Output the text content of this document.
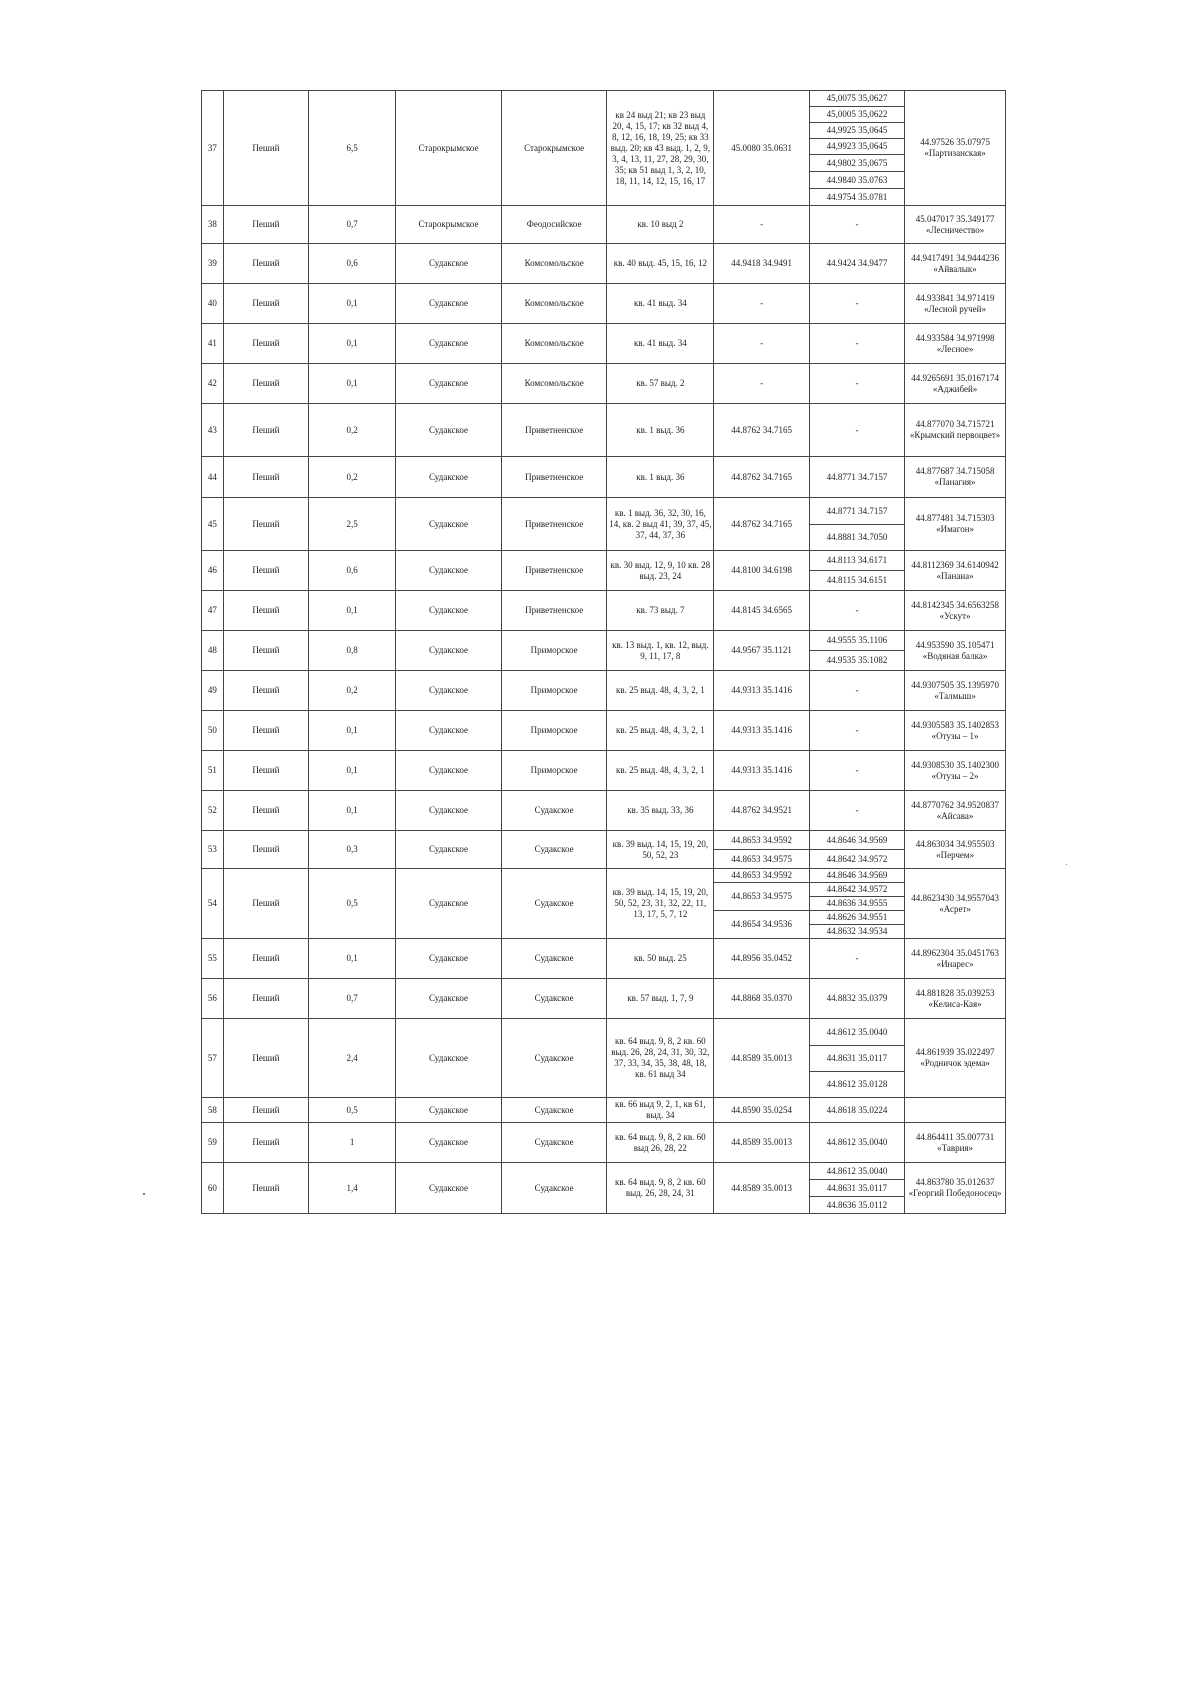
37	Пеший	6,5	Старокрымское	Старокрымское	кв 24 выд 21; кв 23 выд 20, 4, 15, 17; кв 32 выд 4, 8, 12, 16, 18, 19, 25; кв 33 выд. 20; кв 43 выд. 1, 2, 9, 3, 4, 13, 11, 27, 28, 29, 30, 35; кв 51 выд 1, 3, 2, 10, 18, 11, 14, 12, 15, 16, 17	45.0080 35.0631	45,0075 35,0627	44.97526 35.07975 «Партизанская»
							45,0005 35,0622	
							44,9925 35,0645	
							44,9923 35,0645	
							44,9802 35,0675	
							44.9840 35.0763	
							44.9754 35.0781	
38	Пеший	0,7	Старокрымское	Феодосийское	кв. 10 выд 2	-	-	45.047017 35.349177 «Лесничество»
39	Пеший	0,6	Судакское	Комсомольское	кв. 40 выд. 45, 15, 16, 12	44.9418 34.9491	44.9424 34.9477	44.9417491 34.9444236 «Айвалык»
40	Пеший	0,1	Судакское	Комсомольское	кв. 41 выд. 34	-	-	44.933841 34.971419 «Лесной ручей»
41	Пеший	0,1	Судакское	Комсомольское	кв. 41 выд. 34	-	-	44.933584 34.971998 «Лесное»
42	Пеший	0,1	Судакское	Комсомольское	кв. 57 выд. 2	-	-	44.9265691 35.0167174 «Аджибей»
43	Пеший	0,2	Судакское	Приветненское	кв. 1 выд. 36	44.8762 34.7165	-	44.877070 34.715721 «Крымский первоцвет»
44	Пеший	0,2	Судакское	Приветненское	кв. 1 выд. 36	44.8762 34.7165	44.8771 34.7157	44.877687 34.715058 «Панагия»
45	Пеший	2,5	Судакское	Приветненское	кв. 1 выд. 36, 32, 30, 16, 14, кв. 2 выд 41, 39, 37, 45, 37, 44, 37, 36	44.8762 34.7165	44.8771 34.7157	44.877481 34.715303 «Имагон»
							44.8881 34.7050	
46	Пеший	0,6	Судакское	Приветненское	кв. 30 выд. 12, 9, 10 кв. 28 выд. 23, 24	44.8100 34.6198	44.8113 34.6171	44.8112369 34.6140942 «Панаиа»
							44.8115 34.6151	
47	Пеший	0,1	Судакское	Приветненское	кв. 73 выд. 7	44.8145 34.6565	-	44.8142345 34.6563258 «Ускут»
48	Пеший	0,8	Судакское	Приморское	кв. 13 выд. 1, кв. 12, выд. 9, 11, 17, 8	44.9567 35.1121	44.9555 35.1106	44.953590 35.105471 «Водяная балка»
							44.9535 35.1082	
49	Пеший	0,2	Судакское	Приморское	кв. 25 выд. 48, 4, 3, 2, 1	44.9313 35.1416	-	44.9307505 35.1395970 «Талмыш»
50	Пеший	0,1	Судакское	Приморское	кв. 25 выд. 48, 4, 3, 2, 1	44.9313 35.1416	-	44.9305583 35.1402853 «Отузы – 1»
51	Пеший	0,1	Судакское	Приморское	кв. 25 выд. 48, 4, 3, 2, 1	44.9313 35.1416	-	44.9308530 35.1402300 «Отузы – 2»
52	Пеший	0,1	Судакское	Судакское	кв. 35 выд. 33, 36	44.8762 34.9521	-	44.8770762 34.9520837 «Айсава»
53	Пеший	0,3	Судакское	Судакское	кв. 39 выд. 14, 15, 19, 20, 50, 52, 23	44.8653 34.9592	44.8646 34.9569	44.863034 34.955503 «Перчем»
						44.8653 34.9575	44.8642 34.9572	
54	Пеший	0,5	Судакское	Судакское	кв. 39 выд. 14, 15, 19, 20, 50, 52, 23, 31, 32, 22, 11, 13, 17, 5, 7, 12	44.8653 34.9592	44.8646 34.9569	44.8623430 34.9557043 «Асрет»
						44.8653 34.9575	44.8642 34.9572	
							44.8636 34.9555	
						44.8654 34.9536	44.8626 34.9551	
							44.8632 34.9534	
55	Пеший	0,1	Судакское	Судакское	кв. 50 выд. 25	44.8956 35.0452	-	44.8962304 35.0451763 «Инарес»
56	Пеший	0,7	Судакское	Судакское	кв. 57 выд. 1, 7, 9	44.8868 35.0370	44.8832 35.0379	44.881828 35.039253 «Келиса-Кая»
57	Пеший	2,4	Судакское	Судакское	кв. 64 выд. 9, 8, 2 кв. 60 выд. 26, 28, 24, 31, 30, 32, 37, 33, 34, 35, 38, 48, 18, кв. 61 выд 34	44.8589 35.0013	44.8612 35.0040	44.861939 35.022497 «Родничок эдема»
							44.8631 35.0117	
							44.8612 35.0128	
58	Пеший	0,5	Судакское	Судакское	кв. 66 выд 9, 2, 1, кв 61, выд. 34	44.8590 35.0254	44.8618 35.0224	
59	Пеший	1	Судакское	Судакское	кв. 64 выд. 9, 8, 2 кв. 60 выд 26, 28, 22	44.8589 35.0013	44.8612 35.0040	44.864411 35.007731 «Таврия»
60	Пеший	1,4	Судакское	Судакское	кв. 64 выд. 9, 8, 2 кв. 60 выд. 26, 28, 24, 31	44.8589 35.0013	44.8612 35.0040	44.863780 35.012637 «Георгий Победоносец»
							44.8631 35.0117	
							44.8636 35.0112	
